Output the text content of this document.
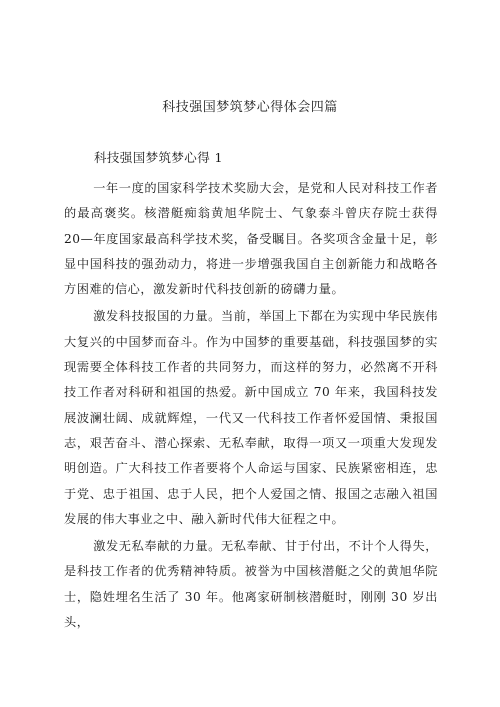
科技强国梦筑梦心得体会四篇
科技强国梦筑梦心得 1

一年一度的国家科学技术奖励大会，是党和人民对科技工作者的最高褒奖。核潜艇痴翁黄旭华院士、气象泰斗曾庆存院士获得 20—年度国家最高科学技术奖，备受瞩目。各奖项含金量十足，彰显中国科技的强劲动力，将进一步增强我国自主创新能力和战略各方困难的信心，激发新时代科技创新的磅礴力量。

激发科技报国的力量。当前，举国上下都在为实现中华民族伟大复兴的中国梦而奋斗。作为中国梦的重要基础，科技强国梦的实现需要全体科技工作者的共同努力，而这样的努力，必然离不开科技工作者对科研和祖国的热爱。新中国成立 70 年来，我国科技发展波澜壮阔、成就辉煌，一代又一代科技工作者怀爱国情、秉报国志，艰苦奋斗、潜心探索、无私奉献，取得一项又一项重大发现发明创造。广大科技工作者要将个人命运与国家、民族紧密相连，忠于党、忠于祖国、忠于人民，把个人爱国之情、报国之志融入祖国发展的伟大事业之中、融入新时代伟大征程之中。

激发无私奉献的力量。无私奉献、甘于付出，不计个人得失，是科技工作者的优秀精神特质。被誉为中国核潜艇之父的黄旭华院士，隐姓埋名生活了 30 年。他离家研制核潜艇时，刚刚 30 岁出头，
